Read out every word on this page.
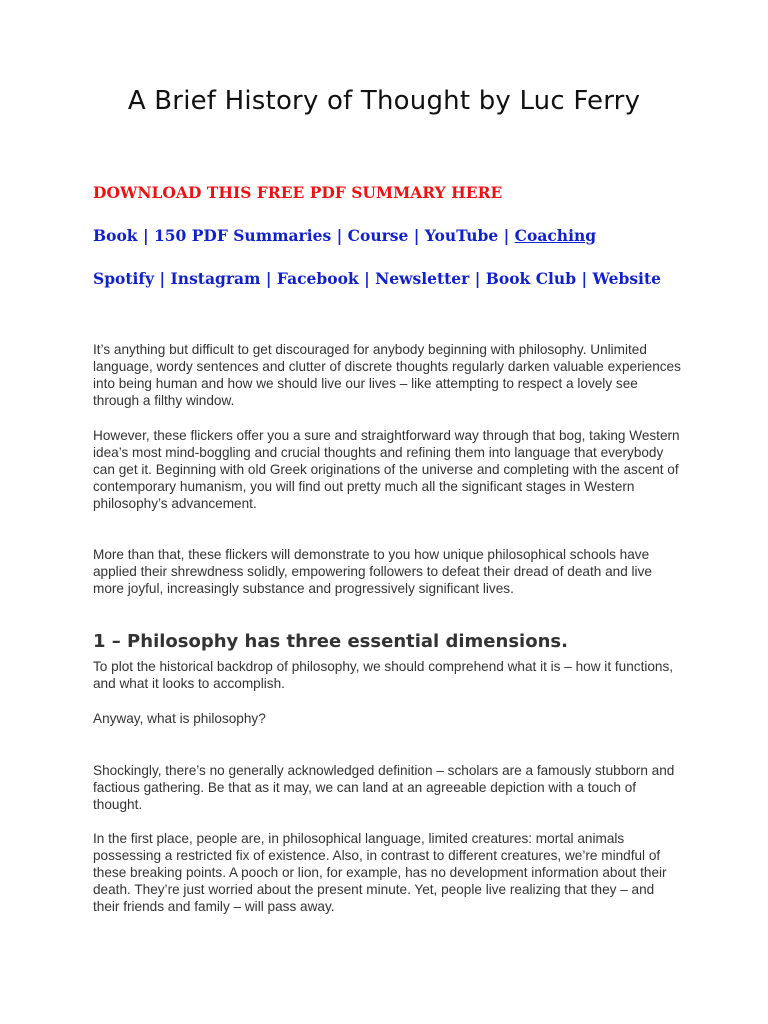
A Brief History of Thought by Luc Ferry

DOWNLOAD THIS FREE PDF SUMMARY HERE

Book | 150 PDF Summaries | Course | YouTube | Coaching

Spotify | Instagram | Facebook | Newsletter | Book Club | Website

It’s anything but difficult to get discouraged for anybody beginning with philosophy. Unlimited language, wordy sentences and clutter of discrete thoughts regularly darken valuable experiences into being human and how we should live our lives – like attempting to respect a lovely see through a filthy window.

However, these flickers offer you a sure and straightforward way through that bog, taking Western idea’s most mind-boggling and crucial thoughts and refining them into language that everybody can get it. Beginning with old Greek originations of the universe and completing with the ascent of contemporary humanism, you will find out pretty much all the significant stages in Western philosophy’s advancement.

More than that, these flickers will demonstrate to you how unique philosophical schools have applied their shrewdness solidly, empowering followers to defeat their dread of death and live more joyful, increasingly substance and progressively significant lives.

1 – Philosophy has three essential dimensions.

To plot the historical backdrop of philosophy, we should comprehend what it is – how it functions, and what it looks to accomplish.

Anyway, what is philosophy?

Shockingly, there’s no generally acknowledged definition – scholars are a famously stubborn and factious gathering. Be that as it may, we can land at an agreeable depiction with a touch of thought.

In the first place, people are, in philosophical language, limited creatures: mortal animals possessing a restricted fix of existence. Also, in contrast to different creatures, we’re mindful of these breaking points. A pooch or lion, for example, has no development information about their death. They’re just worried about the present minute. Yet, people live realizing that they – and their friends and family – will pass away.
